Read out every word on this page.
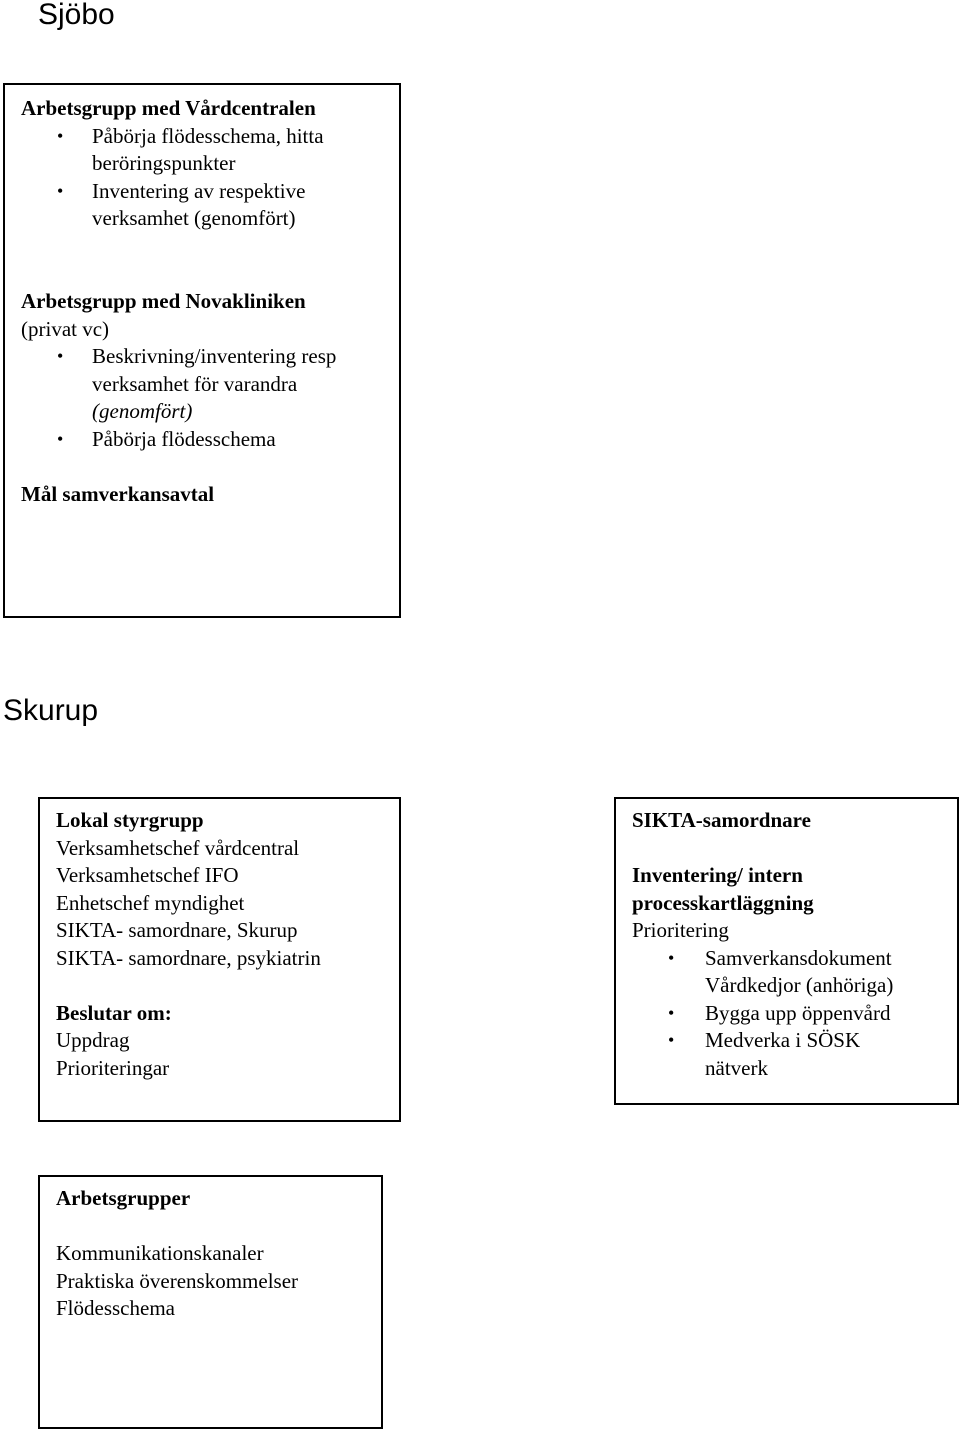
Sjöbo
Arbetsgrupp med Vårdcentralen
• Påbörja flödesschema, hitta
beröringspunkter
• Inventering av respektive
verksamhet (genomfört)
Arbetsgrupp med Novakliniken
(privat vc)
• Beskrivning/inventering resp
verksamhet för varandra
(genomfört)
• Påbörja flödesschema
Mål samverkansavtal
Skurup
Lokal styrgrupp
Verksamhetschef vårdcentral
Verksamhetschef IFO
Enhetschef myndighet
SIKTA- samordnare, Skurup
SIKTA- samordnare, psykiatrin
Beslutar om:
Uppdrag
Prioriteringar
SIKTA-samordnare
Inventering/ intern
processkartläggning
Prioritering
• Samverkansdokument
Vårdkedjor (anhöriga)
• Bygga upp öppenvård
• Medverka i SÖSK
nätverk
Arbetsgrupper
Kommunikationskanaler
Praktiska överenskommelser
Flödesschema
